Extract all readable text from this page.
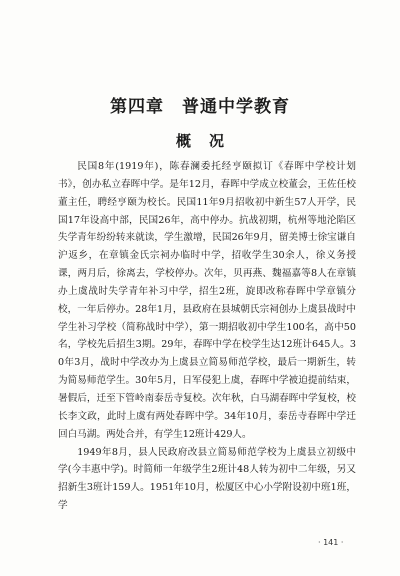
第四章　普通中学教育
概况

民国8年(1919年)，陈春澜委托经亨颐拟订《春晖中学校计划书》，创办私立春晖中学。是年12月，春晖中学成立校董会，王佐任校董主任，聘经亨颐为校长。民国11年9月招收初中新生57人开学，民国17年设高中部，民国26年，高中停办。抗战初期，杭州等地沦陷区失学青年纷纷转来就读，学生激增，民国26年9月，留美博士徐宝谦自沪返乡，在章镇金氏宗祠办临时中学，招收学生30余人，徐义务授课，两月后，徐离去，学校停办。次年，贝再燕、魏福嘉等8人在章镇办上虞战时失学青年补习中学，招生2班，旋即改称春晖中学章镇分校，一年后停办。28年1月，县政府在县城朝氏宗祠创办上虞县战时中学生补习学校（简称战时中学），第一期招收初中学生100名，高中50名，学校先后招生3期。29年，春晖中学在校学生达12班计645人。30年3月，战时中学改办为上虞县立简易师范学校，最后一期新生，转为简易师范学生。30年5月，日军侵犯上虞，春晖中学被迫提前结束，暑假后，迁至下管岭南泰岳寺复校。次年秋，白马湖春晖中学复校，校长李文政，此时上虞有两处春晖中学。34年10月，泰岳寺春晖中学迁回白马湖。两处合并，有学生12班计429人。

1949年8月，县人民政府改县立简易师范学校为上虞县立初级中学(今丰惠中学)。时简师一年级学生2班计48人转为初中二年级，另又招新生3班计159人。1951年10月，松厦区中心小学附设初中班1班，学

· 141 ·
